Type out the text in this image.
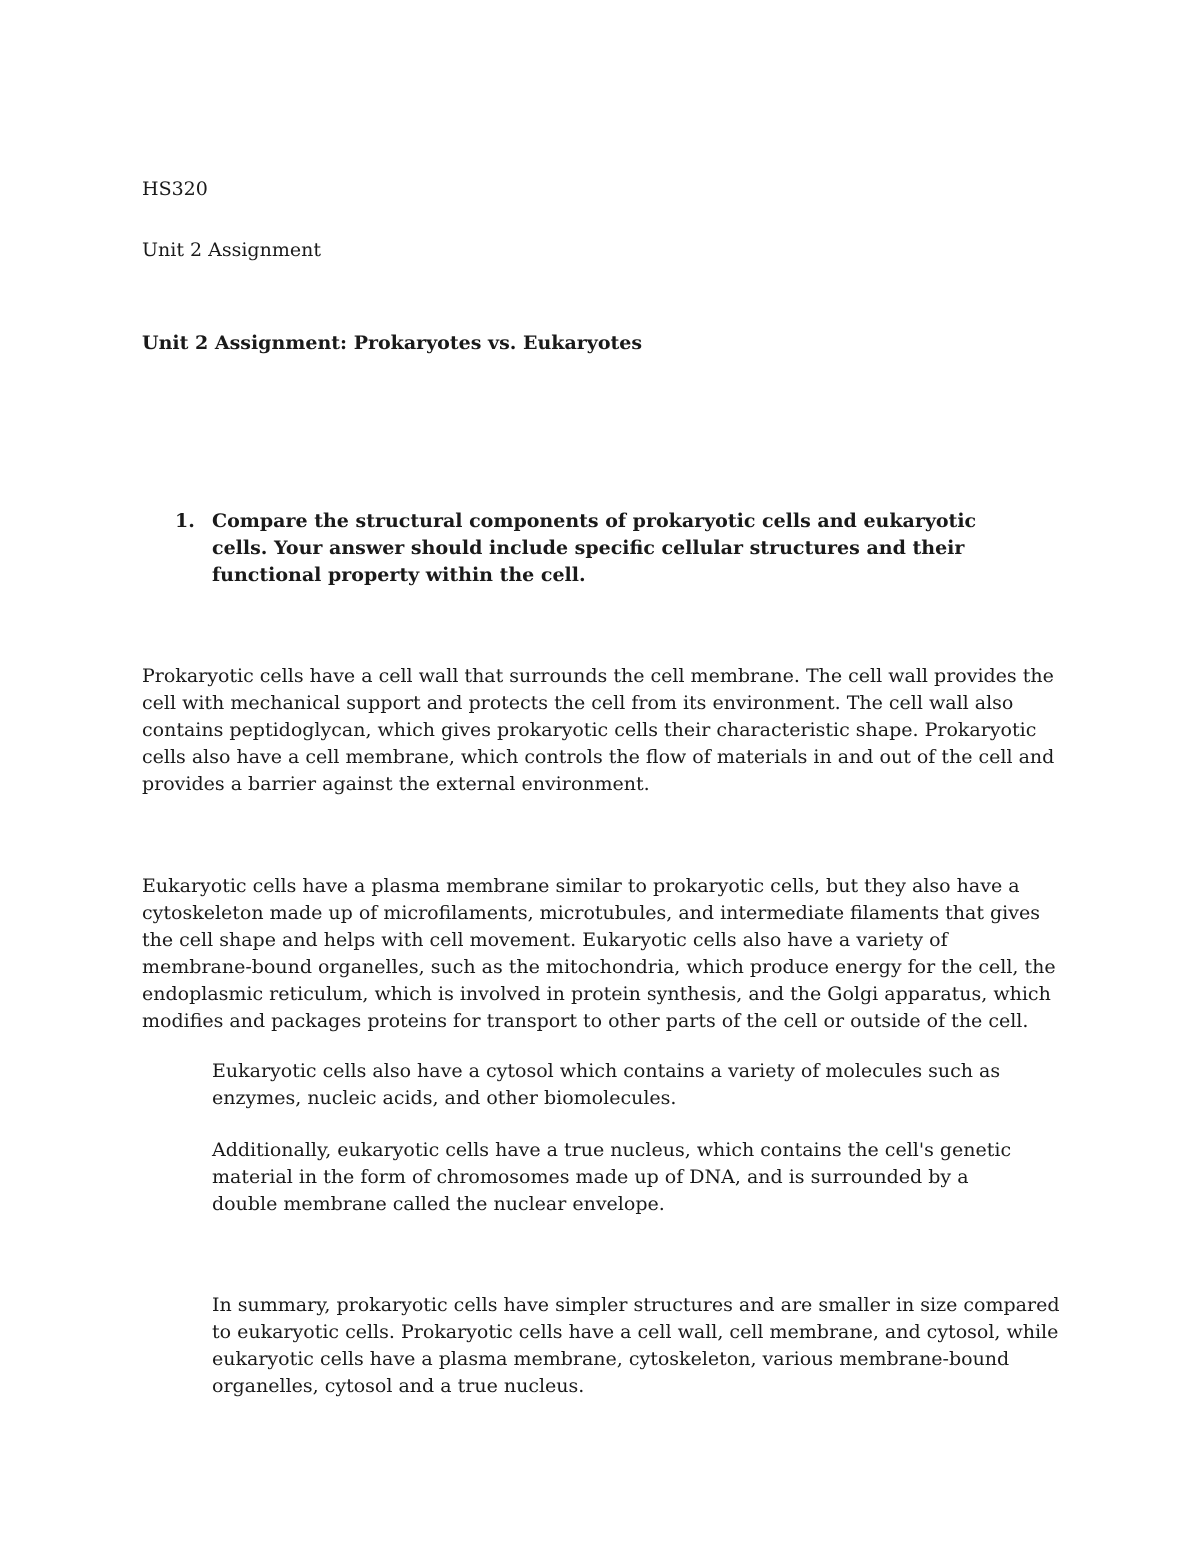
HS320

Unit 2 Assignment

Unit 2 Assignment: Prokaryotes vs. Eukaryotes

1. Compare the structural components of prokaryotic cells and eukaryotic cells. Your answer should include specific cellular structures and their functional property within the cell.

Prokaryotic cells have a cell wall that surrounds the cell membrane. The cell wall provides the cell with mechanical support and protects the cell from its environment. The cell wall also contains peptidoglycan, which gives prokaryotic cells their characteristic shape. Prokaryotic cells also have a cell membrane, which controls the flow of materials in and out of the cell and provides a barrier against the external environment.

Eukaryotic cells have a plasma membrane similar to prokaryotic cells, but they also have a cytoskeleton made up of microfilaments, microtubules, and intermediate filaments that gives the cell shape and helps with cell movement. Eukaryotic cells also have a variety of membrane-bound organelles, such as the mitochondria, which produce energy for the cell, the endoplasmic reticulum, which is involved in protein synthesis, and the Golgi apparatus, which modifies and packages proteins for transport to other parts of the cell or outside of the cell.

Eukaryotic cells also have a cytosol which contains a variety of molecules such as enzymes, nucleic acids, and other biomolecules.

Additionally, eukaryotic cells have a true nucleus, which contains the cell's genetic material in the form of chromosomes made up of DNA, and is surrounded by a double membrane called the nuclear envelope.

In summary, prokaryotic cells have simpler structures and are smaller in size compared to eukaryotic cells. Prokaryotic cells have a cell wall, cell membrane, and cytosol, while eukaryotic cells have a plasma membrane, cytoskeleton, various membrane-bound organelles, cytosol and a true nucleus.
